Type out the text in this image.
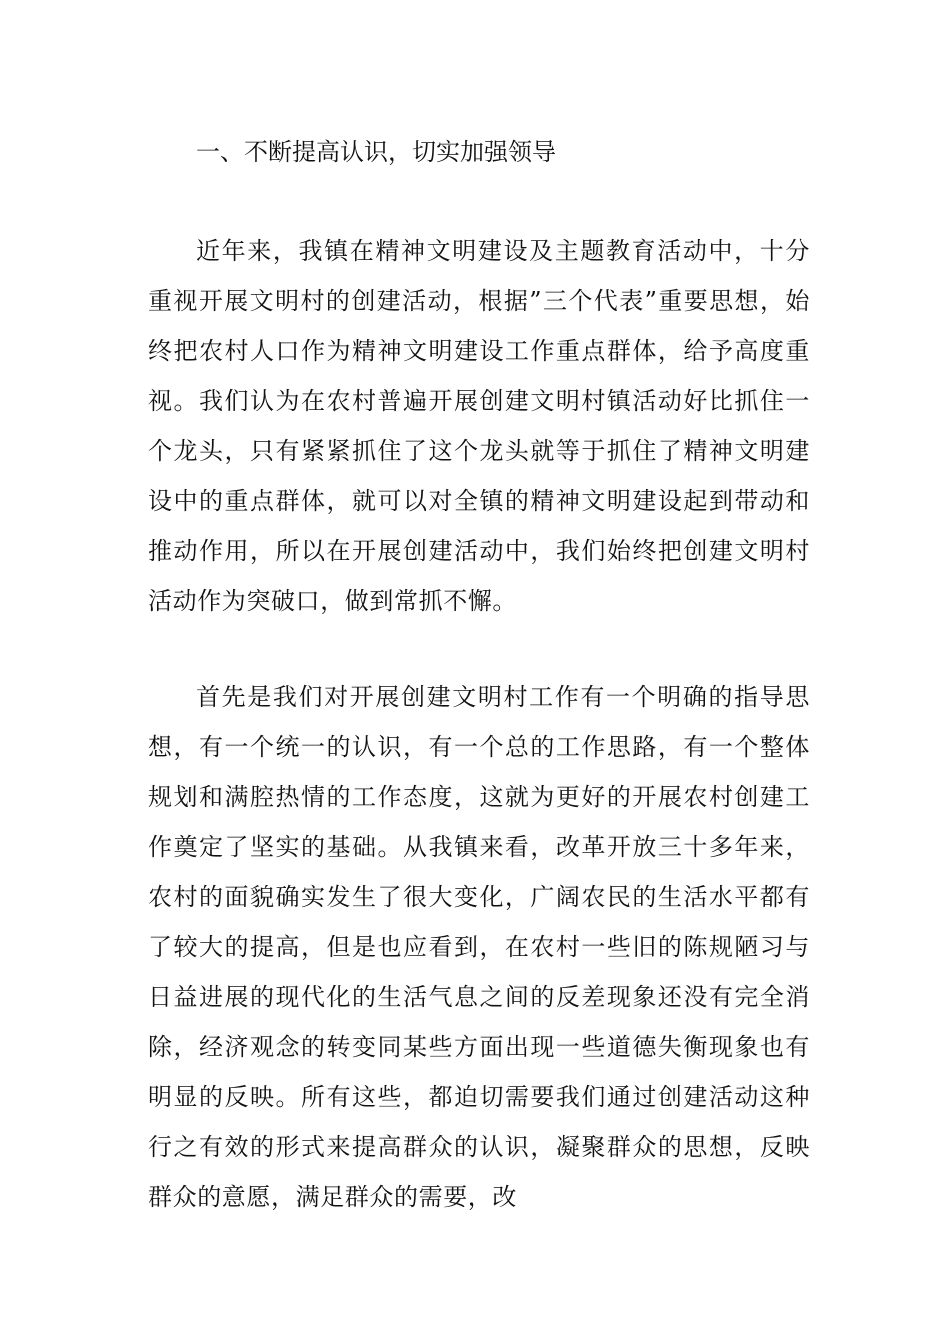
一、不断提高认识，切实加强领导

近年来，我镇在精神文明建设及主题教育活动中，十分重视开展文明村的创建活动，根据”三个代表”重要思想，始终把农村人口作为精神文明建设工作重点群体，给予高度重视。我们认为在农村普遍开展创建文明村镇活动好比抓住一个龙头，只有紧紧抓住了这个龙头就等于抓住了精神文明建设中的重点群体，就可以对全镇的精神文明建设起到带动和推动作用，所以在开展创建活动中，我们始终把创建文明村活动作为突破口，做到常抓不懈。

首先是我们对开展创建文明村工作有一个明确的指导思想，有一个统一的认识，有一个总的工作思路，有一个整体规划和满腔热情的工作态度，这就为更好的开展农村创建工作奠定了坚实的基础。从我镇来看，改革开放三十多年来，农村的面貌确实发生了很大变化，广阔农民的生活水平都有了较大的提高，但是也应看到，在农村一些旧的陈规陋习与日益进展的现代化的生活气息之间的反差现象还没有完全消除，经济观念的转变同某些方面出现一些道德失衡现象也有明显的反映。所有这些，都迫切需要我们通过创建活动这种行之有效的形式来提高群众的认识，凝聚群众的思想，反映群众的意愿，满足群众的需要，改
